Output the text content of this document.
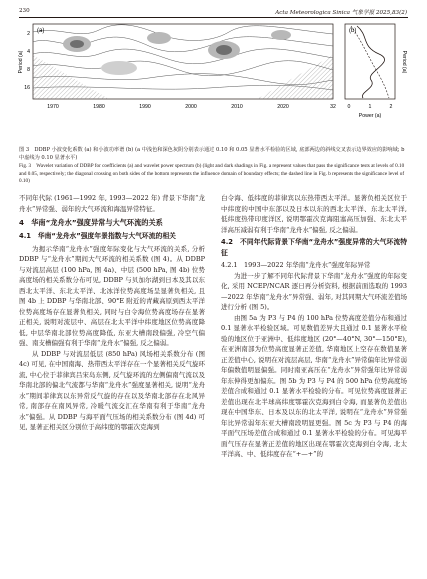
230	Acta Meteorologica Sinica 气象学报 2025,83(2)
(a)
2
4
8
16
Period (a)
1970	1980	1990	2000	2010	2020	32
(b)
0	1	2
Power (a)
Period (a)
图 3　DDBP 小波变化系数 (a) 和小波功率谱 (b) (a 中浅色和深色灰阴分别表示通过 0.10 和 0.05 显著水平检验的区域, 底部两边的斜线交叉表示边界效应的影响域; b 中虚线为 0.10 显著水平)
Fig. 3　Wavelet variation of DDBP for coefficients (a) and wavelet power spectrum (b) (light and dark shadings in Fig. a represent values that pass the significance tests at levels of 0.10 and 0.05, respectively; the diagonal crossing on both sides of the bottom represents the influence domain of boundary effects; the dashed line in Fig. b represents the significance level of 0.10)

不同年代际 (1961—1992 年, 1993—2022 年) 背景下华南“龙舟水”异常强、弱年的大气环流和海温异常特征。

4　华南“龙舟水”强度异常与大气环流的关系
4.1　华南“龙舟水”强度年景指数与大气环流的相关

为揭示华南“龙舟水”强度年际变化与大气环流的关系, 分析 DDBP 与“龙舟水”期间大气环流的相关系数 (图 4)。从 DDBP 与对流层高层 (100 hPa, 图 4a)、中层 (500 hPa, 图 4b) 位势高度场的相关系数分布可见, DDBP 与贝加尔湖到日本及其以东西北太平洋、东北太平洋、北冰洋位势高度场呈显著负相关, 且图 4b 上 DDBP 与华南北部、90°E 附近的青藏高原到西太平洋位势高度场存在显著负相关, 同时与白令海位势高度场存在显著正相关, 说明对流层中、高层在北太平洋中纬度地区位势高度降低, 中层华南北部位势高度降低, 东亚大槽南段偏强, 冷空气偏强、南支槽偏强有利于华南“龙舟水”偏强, 反之偏弱。

从 DDBP 与对流层低层 (850 hPa) 风场相关系数分布 (图 4c) 可见, 在中国南海、热带西太平洋存在一个显著相关反气旋环流, 中心位于菲律宾吕宋岛东侧, 反气旋环流的左侧偏南气流以及华南北部的偏北气流都与华南“龙舟水”强度显著相关, 说明“龙舟水”期间菲律宾以东异常反气旋的存在以及华南北部存在北风异常, 南部存在南风异常, 冷暖气流交汇在华南有利于华南“龙舟水”偏强。从 DDBP 与海平面气压场的相关系数分布 (图 4d) 可见, 显著正相关区分别位于高纬度的鄂霍次克海到

白令海、低纬度的菲律宾以东热带西太平洋。显著负相关区位于中纬度的中国中东部以及日本以东的西北太平洋、东北太平洋, 低纬度热带印度洋区, 说明鄂霍次克海阻塞高压加强、东北太平洋高压减弱有利于华南“龙舟水”偏强, 反之偏弱。

4.2　不同年代际背景下华南“龙舟水”强度异常的大气环流特征
4.2.1　1993—2022 年华南“龙舟水”强度年际异常

为进一步了解不同年代际背景下华南“龙舟水”强度的年际变化, 采用 NCEP/NCAR 逐日再分析资料, 根据前面选取的 1993—2022 年华南“龙舟水”异常强、弱年, 对其同期大气环流差值场进行分析 (图 5)。

由图 5a 为 P3 与 P4 的 100 hPa 位势高度差值分布和通过 0.1 显著水平检验区域。可见数值差异大且通过 0.1 显著水平检验的地区位于亚洲中、低纬度地区 (20°—40°N, 30°—150°E), 在亚洲南部为位势高度显著正差值, 华南地区上空存在数值显著正差值中心, 说明在对流层高层, 华南“龙舟水”异常偏年比异常弱年偏数值明显偏强。同时南亚高压在“龙舟水”异常强年比异常弱年东伸得更加偏东。图 5b 为 P3 与 P4 的 500 hPa 位势高度场差值合成和通过 0.1 显著水平检验的分布。可见位势高度显著正差值出现在北半球高纬度鄂霍次克海到白令海, 而显著负差值出现在中国华东、日本及以东的北太平洋, 说明在“龙舟水”异常强年比异常弱年东亚大槽南段明显更强。图 5c 为 P3 与 P4 的海平面气压场差值合成和通过 0.1 显著水平检验的分布。可见海平面气压存在显著正差值的地区出现在鄂霍次克海到白令海, 北太平洋高、中、低纬度存在“+—+”的
